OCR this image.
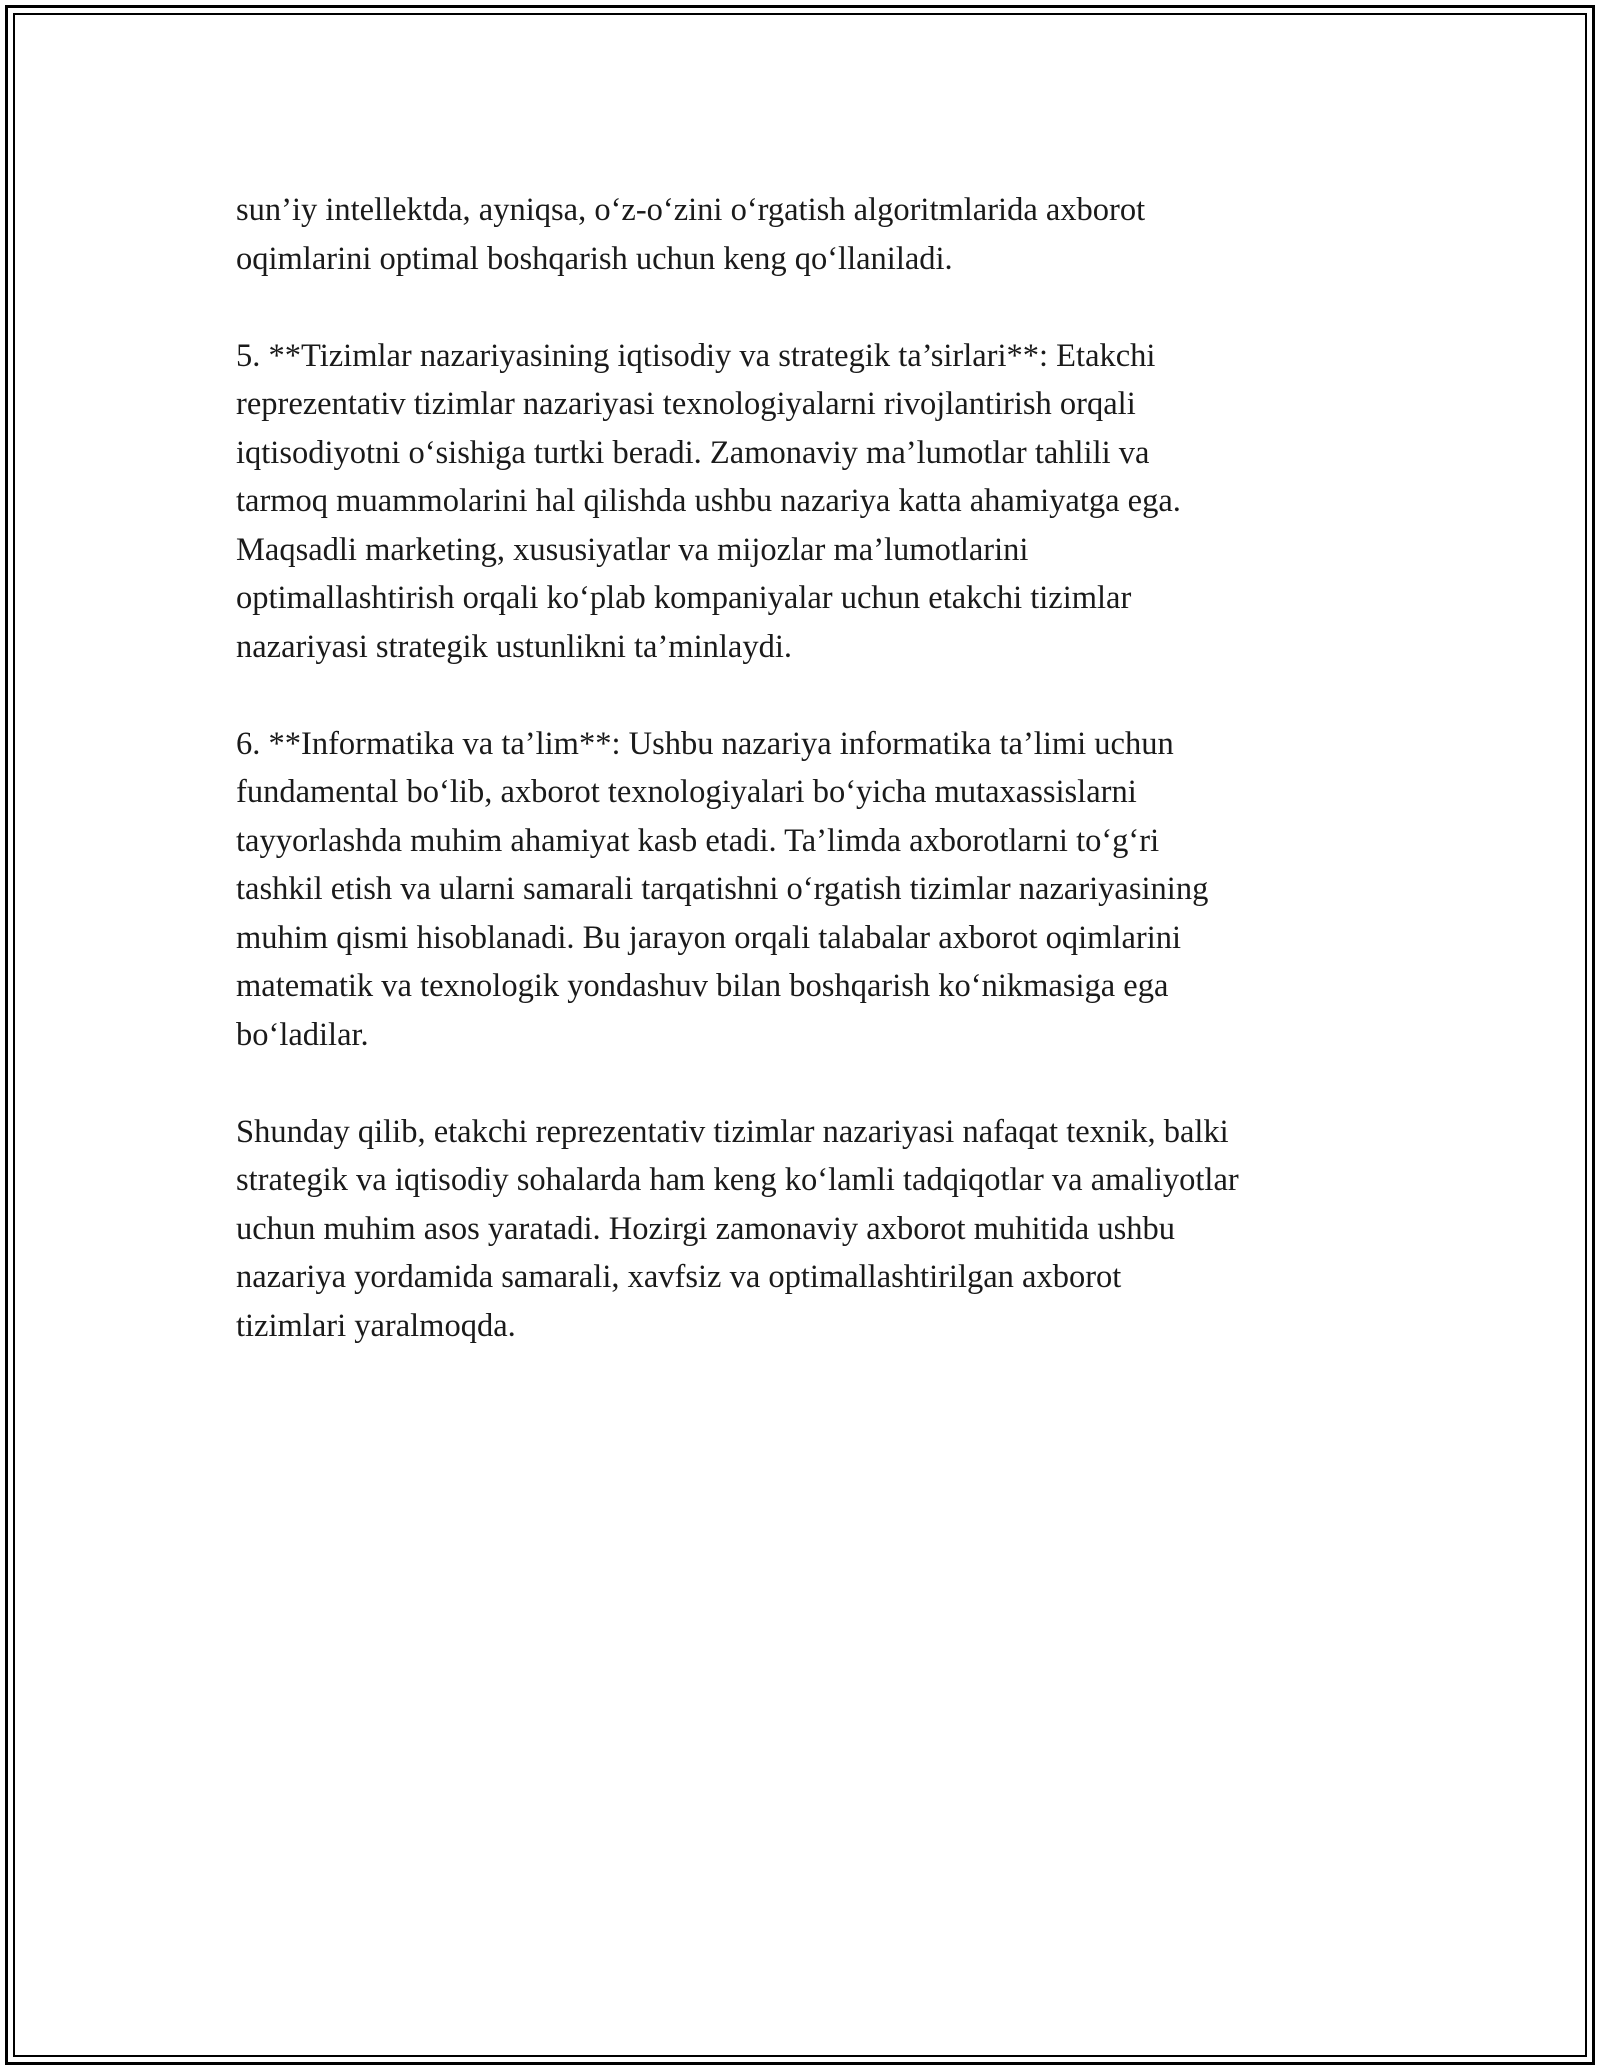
sun’iy intellektda, ayniqsa, o‘z-o‘zini o‘rgatish algoritmlarida axborot
oqimlarini optimal boshqarish uchun keng qo‘llaniladi.

5. **Tizimlar nazariyasining iqtisodiy va strategik ta’sirlari**: Etakchi
reprezentativ tizimlar nazariyasi texnologiyalarni rivojlantirish orqali
iqtisodiyotni o‘sishiga turtki beradi. Zamonaviy ma’lumotlar tahlili va
tarmoq muammolarini hal qilishda ushbu nazariya katta ahamiyatga ega.
Maqsadli marketing, xususiyatlar va mijozlar ma’lumotlarini
optimallashtirish orqali ko‘plab kompaniyalar uchun etakchi tizimlar
nazariyasi strategik ustunlikni ta’minlaydi.

6. **Informatika va ta’lim**: Ushbu nazariya informatika ta’limi uchun
fundamental bo‘lib, axborot texnologiyalari bo‘yicha mutaxassislarni
tayyorlashda muhim ahamiyat kasb etadi. Ta’limda axborotlarni to‘g‘ri
tashkil etish va ularni samarali tarqatishni o‘rgatish tizimlar nazariyasining
muhim qismi hisoblanadi. Bu jarayon orqali talabalar axborot oqimlarini
matematik va texnologik yondashuv bilan boshqarish ko‘nikmasiga ega
bo‘ladilar.

Shunday qilib, etakchi reprezentativ tizimlar nazariyasi nafaqat texnik, balki
strategik va iqtisodiy sohalarda ham keng ko‘lamli tadqiqotlar va amaliyotlar
uchun muhim asos yaratadi. Hozirgi zamonaviy axborot muhitida ushbu
nazariya yordamida samarali, xavfsiz va optimallashtirilgan axborot
tizimlari yaralmoqda.
